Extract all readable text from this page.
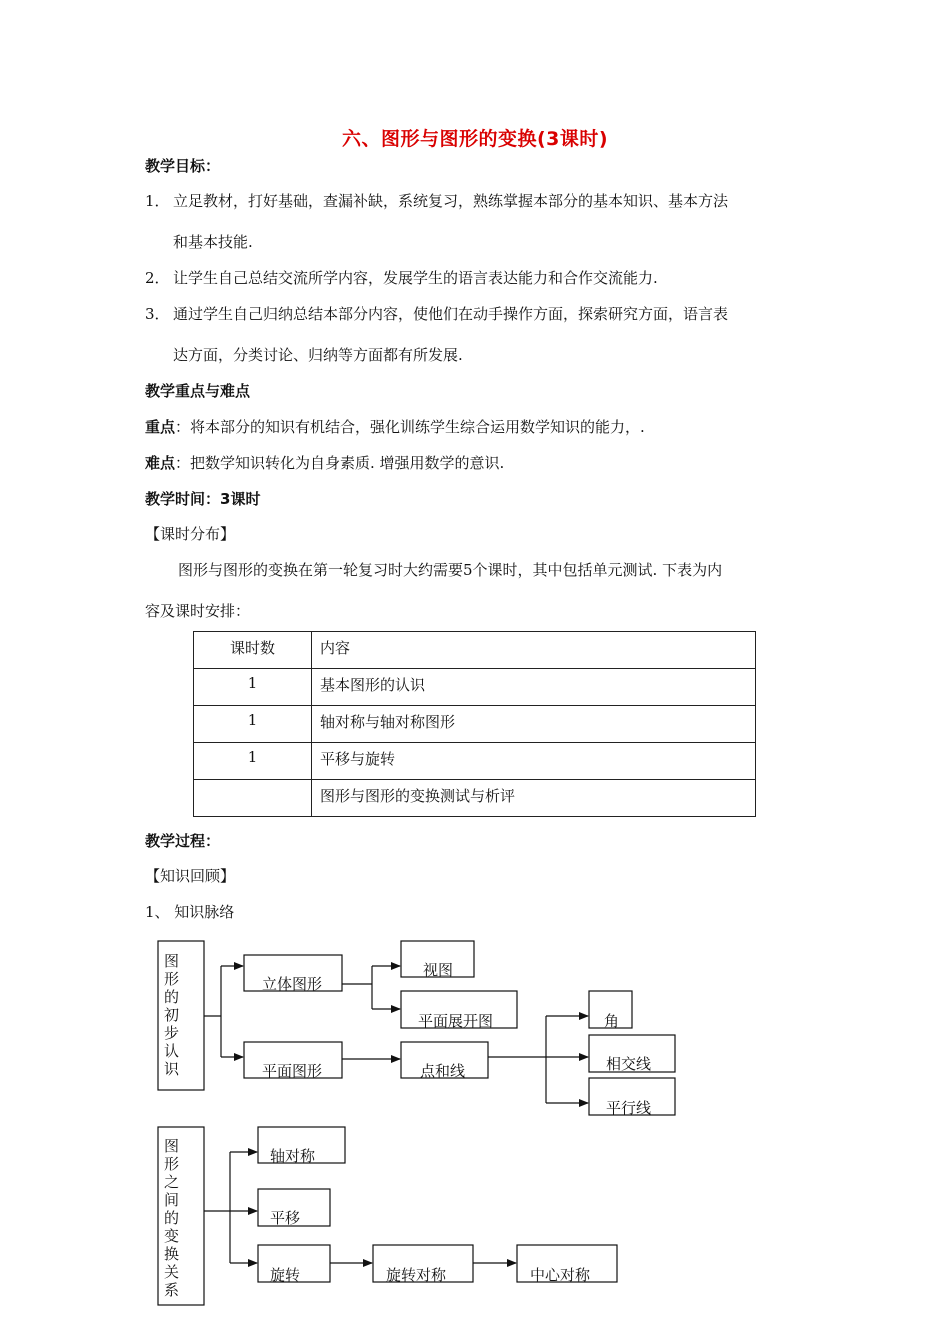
六、图形与图形的变换(3课时)
教学目标：
1． 立足教材，打好基础，查漏补缺，系统复习，熟练掌握本部分的基本知识、基本方法
和基本技能.
2． 让学生自己总结交流所学内容，发展学生的语言表达能力和合作交流能力.
3． 通过学生自己归纳总结本部分内容，使他们在动手操作方面，探索研究方面，语言表
达方面，分类讨论、归纳等方面都有所发展.
教学重点与难点
重点：将本部分的知识有机结合，强化训练学生综合运用数学知识的能力，.
难点：把数学知识转化为自身素质. 增强用数学的意识.
教学时间：3课时
【课时分布】
图形与图形的变换在第一轮复习时大约需要5个课时，其中包括单元测试. 下表为内
容及课时安排：
课时数	内容
1	基本图形的认识
1	轴对称与轴对称图形
1	平移与旋转
	图形与图形的变换测试与析评
教学过程：
【知识回顾】
1、 知识脉络
图
形
的
初
步
认
识
立体图形
视图
平面展开图
平面图形	点和线
角
相交线
平行线
图
形
之
间
的
变
换
关
系
轴对称
平移
旋转	旋转对称	中心对称
